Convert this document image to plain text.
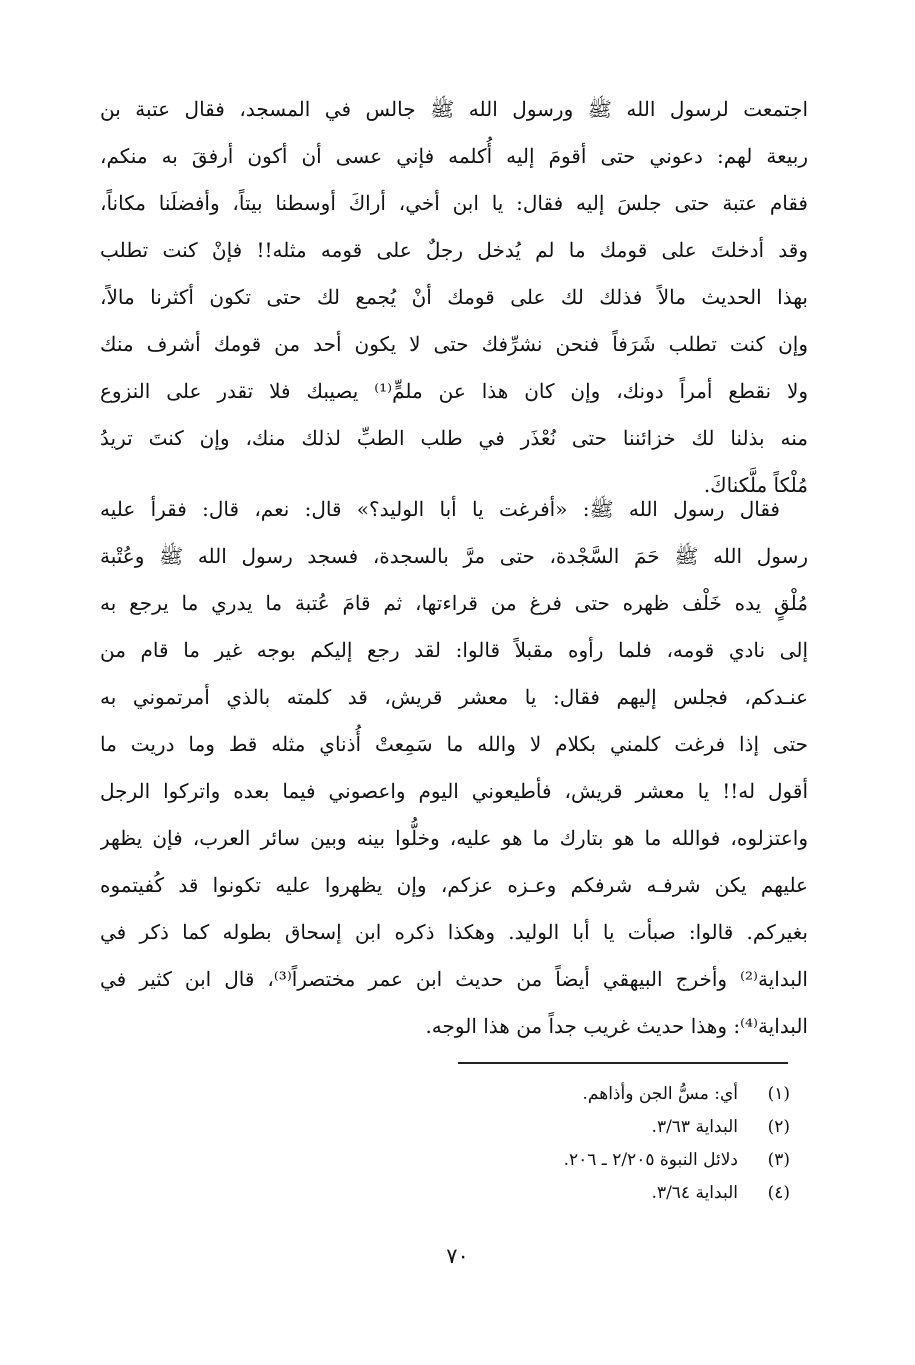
اجتمعت لرسول الله ﷺ ورسول الله ﷺ جالس في المسجد، فقال عتبة بن
ربيعة لهم: دعوني حتى أقومَ إليه أُكلمه فإني عسى أن أكون أرفقَ به منكم،
فقام عتبة حتى جلسَ إليه فقال: يا ابن أخي، أراكَ أوسطنا بيتاً، وأفضلَنا مكاناً،
وقد أدخلتَ على قومك ما لم يُدخل رجلٌ على قومه مثله!! فإنْ كنت تطلب
بهذا الحديث مالاً فذلك لك على قومك أنْ يُجمع لك حتى تكون أكثرنا مالاً،
وإن كنت تطلب شَرَفاً فنحن نشرِّفك حتى لا يكون أحد من قومك أشرف منك
ولا نقطع أمراً دونك، وإن كان هذا عن ملمٍّ⁽¹⁾ يصيبك فلا تقدر على النزوع
منه بذلنا لك خزائننا حتى نُعْذَر في طلب الطبِّ لذلك منك، وإن كنتَ تريدُ
مُلْكاً ملَّكناكَ.
فقال رسول الله ﷺ: «أفرغت يا أبا الوليد؟» قال: نعم، قال: فقرأ عليه
رسول الله ﷺ حَمَ السَّجْدة، حتى مرَّ بالسجدة، فسجد رسول الله ﷺ وعُتْبة
مُلْقٍ يده خَلْف ظهره حتى فرغ من قراءتها، ثم قامَ عُتبة ما يدري ما يرجع به
إلى نادي قومه، فلما رأوه مقبلاً قالوا: لقد رجع إليكم بوجه غير ما قام من
عنـدكم، فجلس إليهم فقال: يا معشر قريش، قد كلمته بالذي أمرتموني به
حتى إذا فرغت كلمني بكلام لا والله ما سَمِعتْ أُذناي مثله قط وما دريت ما
أقول له!! يا معشر قريش، فأطيعوني اليوم واعصوني فيما بعده واتركوا الرجل
واعتزلوه، فوالله ما هو بتارك ما هو عليه، وخلُّوا بينه وبين سائر العرب، فإن يظهر
عليهم يكن شرفـه شرفكم وعـزه عزكم، وإن يظهروا عليه تكونوا قد كُفيتموه
بغيركم. قالوا: صبأت يا أبا الوليد. وهكذا ذكره ابن إسحاق بطوله كما ذكر في
البداية⁽²⁾ وأخرج البيهقي أيضاً من حديث ابن عمر مختصراً⁽³⁾، قال ابن كثير في
البداية⁽⁴⁾: وهذا حديث غريب جداً من هذا الوجه.
(١)أي: مسُّ الجن وأذاهم.
(٢)البداية ٣/٦٣.
(٣)دلائل النبوة ٢/٢٠٥ ـ ٢٠٦.
(٤)البداية ٣/٦٤.
٧٠
